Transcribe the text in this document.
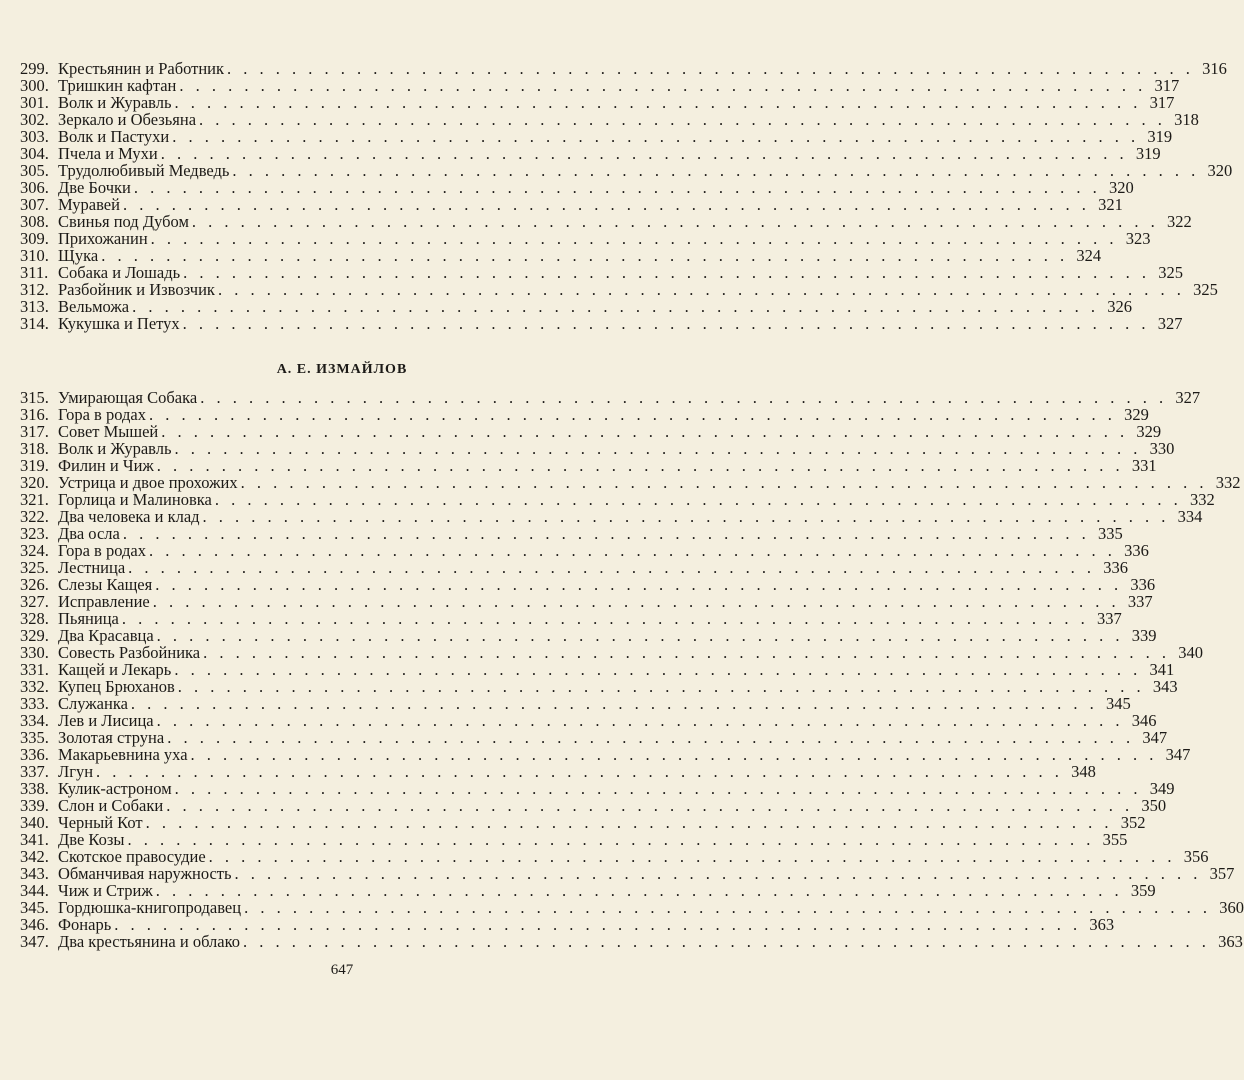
299. Крестьянин и Работник . . . . . . . . . . . . . . . . . . . . . . . . . . . . . . . . . . . . . . . . . . . . . . . . . . . . . . . . . . . . 316
300. Тришкин кафтан . . . . . . . . . . . . . . . . . . . . . . . . . . . . . . . . . . . . . . . . . . . . . . . . . . . . . . . . . . . . 317
301. Волк и Журавль . . . . . . . . . . . . . . . . . . . . . . . . . . . . . . . . . . . . . . . . . . . . . . . . . . . . . . . . . . . . 317
302. Зеркало и Обезьяна . . . . . . . . . . . . . . . . . . . . . . . . . . . . . . . . . . . . . . . . . . . . . . . . . . . . . . . . . . . . 318
303. Волк и Пастухи . . . . . . . . . . . . . . . . . . . . . . . . . . . . . . . . . . . . . . . . . . . . . . . . . . . . . . . . . . . . 319
304. Пчела и Мухи . . . . . . . . . . . . . . . . . . . . . . . . . . . . . . . . . . . . . . . . . . . . . . . . . . . . . . . . . . . . 319
305. Трудолюбивый Медведь . . . . . . . . . . . . . . . . . . . . . . . . . . . . . . . . . . . . . . . . . . . . . . . . . . . . . . . . . . . . 320
306. Две Бочки . . . . . . . . . . . . . . . . . . . . . . . . . . . . . . . . . . . . . . . . . . . . . . . . . . . . . . . . . . . . 320
307. Муравей . . . . . . . . . . . . . . . . . . . . . . . . . . . . . . . . . . . . . . . . . . . . . . . . . . . . . . . . . . . . 321
308. Свинья под Дубом . . . . . . . . . . . . . . . . . . . . . . . . . . . . . . . . . . . . . . . . . . . . . . . . . . . . . . . . . . . . 322
309. Прихожанин . . . . . . . . . . . . . . . . . . . . . . . . . . . . . . . . . . . . . . . . . . . . . . . . . . . . . . . . . . . . 323
310. Щука . . . . . . . . . . . . . . . . . . . . . . . . . . . . . . . . . . . . . . . . . . . . . . . . . . . . . . . . . . . . 324
311. Собака и Лошадь . . . . . . . . . . . . . . . . . . . . . . . . . . . . . . . . . . . . . . . . . . . . . . . . . . . . . . . . . . . . 325
312. Разбойник и Извозчик . . . . . . . . . . . . . . . . . . . . . . . . . . . . . . . . . . . . . . . . . . . . . . . . . . . . . . . . . . . . 325
313. Вельможа . . . . . . . . . . . . . . . . . . . . . . . . . . . . . . . . . . . . . . . . . . . . . . . . . . . . . . . . . . . . 326
314. Кукушка и Петух . . . . . . . . . . . . . . . . . . . . . . . . . . . . . . . . . . . . . . . . . . . . . . . . . . . . . . . . . . . . 327
А. Е. ИЗМАЙЛОВ
315. Умирающая Собака . . . . . . . . . . . . . . . . . . . . . . . . . . . . . . . . . . . . . . . . . . . . . . . . . . . . . . . . . . . . 327
316. Гора в родах . . . . . . . . . . . . . . . . . . . . . . . . . . . . . . . . . . . . . . . . . . . . . . . . . . . . . . . . . . . . 329
317. Совет Мышей . . . . . . . . . . . . . . . . . . . . . . . . . . . . . . . . . . . . . . . . . . . . . . . . . . . . . . . . . . . . 329
318. Волк и Журавль . . . . . . . . . . . . . . . . . . . . . . . . . . . . . . . . . . . . . . . . . . . . . . . . . . . . . . . . . . . . 330
319. Филин и Чиж . . . . . . . . . . . . . . . . . . . . . . . . . . . . . . . . . . . . . . . . . . . . . . . . . . . . . . . . . . . . 331
320. Устрица и двое прохожих . . . . . . . . . . . . . . . . . . . . . . . . . . . . . . . . . . . . . . . . . . . . . . . . . . . . . . . . . . . . 332
321. Горлица и Малиновка . . . . . . . . . . . . . . . . . . . . . . . . . . . . . . . . . . . . . . . . . . . . . . . . . . . . . . . . . . . . 332
322. Два человека и клад . . . . . . . . . . . . . . . . . . . . . . . . . . . . . . . . . . . . . . . . . . . . . . . . . . . . . . . . . . . . 334
323. Два осла . . . . . . . . . . . . . . . . . . . . . . . . . . . . . . . . . . . . . . . . . . . . . . . . . . . . . . . . . . . . 335
324. Гора в родах . . . . . . . . . . . . . . . . . . . . . . . . . . . . . . . . . . . . . . . . . . . . . . . . . . . . . . . . . . . . 336
325. Лестница . . . . . . . . . . . . . . . . . . . . . . . . . . . . . . . . . . . . . . . . . . . . . . . . . . . . . . . . . . . . 336
326. Слезы Кащея . . . . . . . . . . . . . . . . . . . . . . . . . . . . . . . . . . . . . . . . . . . . . . . . . . . . . . . . . . . . 336
327. Исправление . . . . . . . . . . . . . . . . . . . . . . . . . . . . . . . . . . . . . . . . . . . . . . . . . . . . . . . . . . . . 337
328. Пьяница . . . . . . . . . . . . . . . . . . . . . . . . . . . . . . . . . . . . . . . . . . . . . . . . . . . . . . . . . . . . 337
329. Два Красавца . . . . . . . . . . . . . . . . . . . . . . . . . . . . . . . . . . . . . . . . . . . . . . . . . . . . . . . . . . . . 339
330. Совесть Разбойника . . . . . . . . . . . . . . . . . . . . . . . . . . . . . . . . . . . . . . . . . . . . . . . . . . . . . . . . . . . . 340
331. Кащей и Лекарь . . . . . . . . . . . . . . . . . . . . . . . . . . . . . . . . . . . . . . . . . . . . . . . . . . . . . . . . . . . . 341
332. Купец Брюханов . . . . . . . . . . . . . . . . . . . . . . . . . . . . . . . . . . . . . . . . . . . . . . . . . . . . . . . . . . . . 343
333. Служанка . . . . . . . . . . . . . . . . . . . . . . . . . . . . . . . . . . . . . . . . . . . . . . . . . . . . . . . . . . . . 345
334. Лев и Лисица . . . . . . . . . . . . . . . . . . . . . . . . . . . . . . . . . . . . . . . . . . . . . . . . . . . . . . . . . . . . 346
335. Золотая струна . . . . . . . . . . . . . . . . . . . . . . . . . . . . . . . . . . . . . . . . . . . . . . . . . . . . . . . . . . . . 347
336. Макарьевнина уха . . . . . . . . . . . . . . . . . . . . . . . . . . . . . . . . . . . . . . . . . . . . . . . . . . . . . . . . . . . . 347
337. Лгун . . . . . . . . . . . . . . . . . . . . . . . . . . . . . . . . . . . . . . . . . . . . . . . . . . . . . . . . . . . . 348
338. Кулик-астроном . . . . . . . . . . . . . . . . . . . . . . . . . . . . . . . . . . . . . . . . . . . . . . . . . . . . . . . . . . . . 349
339. Слон и Собаки . . . . . . . . . . . . . . . . . . . . . . . . . . . . . . . . . . . . . . . . . . . . . . . . . . . . . . . . . . . . 350
340. Черный Кот . . . . . . . . . . . . . . . . . . . . . . . . . . . . . . . . . . . . . . . . . . . . . . . . . . . . . . . . . . . . 352
341. Две Козы . . . . . . . . . . . . . . . . . . . . . . . . . . . . . . . . . . . . . . . . . . . . . . . . . . . . . . . . . . . . 355
342. Скотское правосудие . . . . . . . . . . . . . . . . . . . . . . . . . . . . . . . . . . . . . . . . . . . . . . . . . . . . . . . . . . . . 356
343. Обманчивая наружность . . . . . . . . . . . . . . . . . . . . . . . . . . . . . . . . . . . . . . . . . . . . . . . . . . . . . . . . . . . . 357
344. Чиж и Стриж . . . . . . . . . . . . . . . . . . . . . . . . . . . . . . . . . . . . . . . . . . . . . . . . . . . . . . . . . . . . 359
345. Гордюшка-книгопродавец . . . . . . . . . . . . . . . . . . . . . . . . . . . . . . . . . . . . . . . . . . . . . . . . . . . . . . . . . . . . 360
346. Фонарь . . . . . . . . . . . . . . . . . . . . . . . . . . . . . . . . . . . . . . . . . . . . . . . . . . . . . . . . . . . . 363
347. Два крестьянина и облако . . . . . . . . . . . . . . . . . . . . . . . . . . . . . . . . . . . . . . . . . . . . . . . . . . . . . . . . . . . . 363
647
